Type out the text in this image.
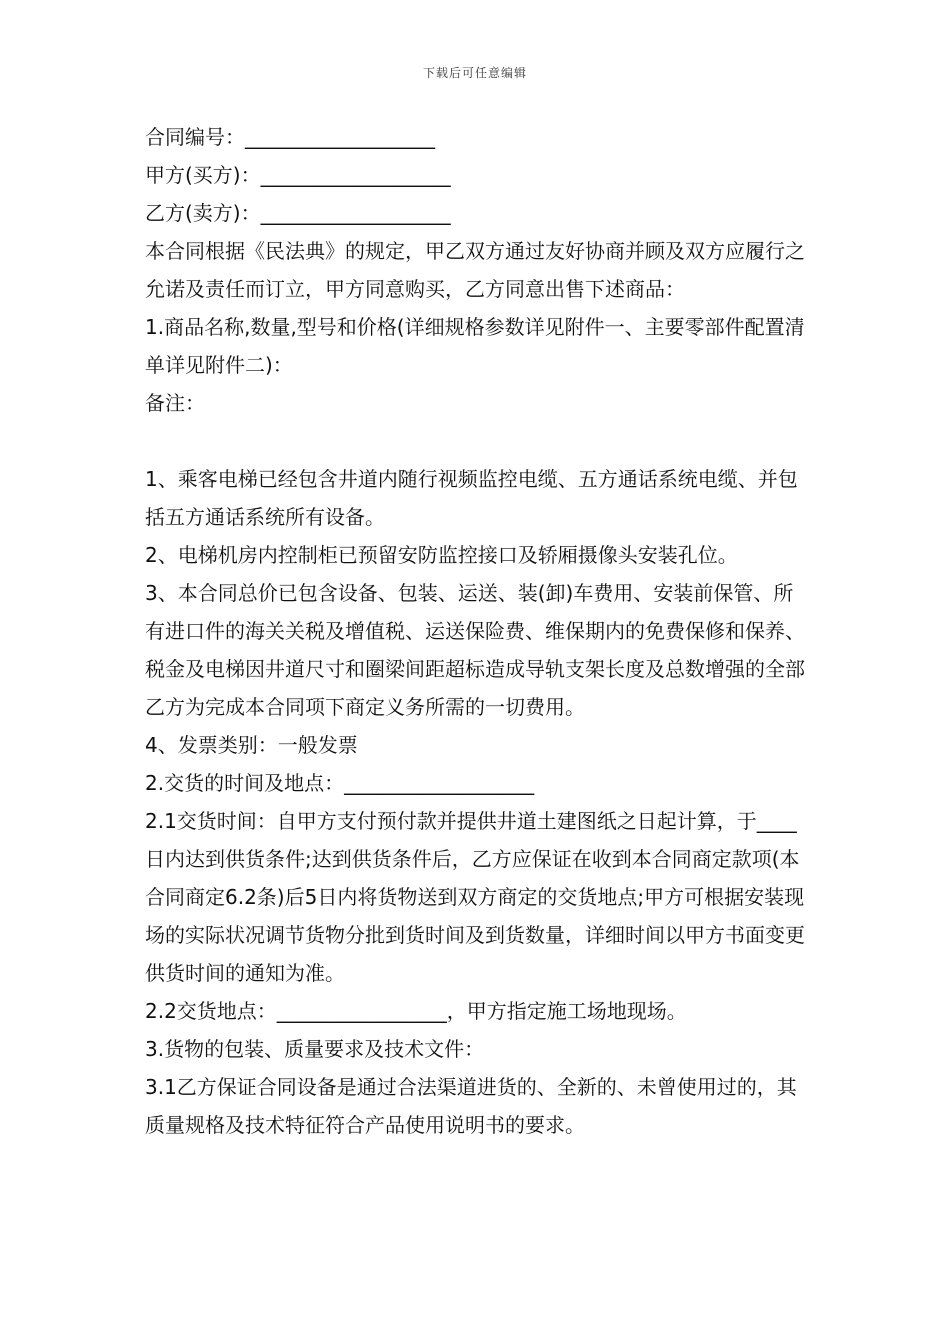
下载后可任意编辑

合同编号：___________________

甲方(买方)：___________________

乙方(卖方)：___________________

本合同根据《民法典》的规定，甲乙双方通过友好协商并顾及双方应履行之允诺及责任而订立，甲方同意购买，乙方同意出售下述商品：

1.商品名称,数量,型号和价格(详细规格参数详见附件一、主要零部件配置清单详见附件二)：

备注：

1、乘客电梯已经包含井道内随行视频监控电缆、五方通话系统电缆、并包括五方通话系统所有设备。

2、电梯机房内控制柜已预留安防监控接口及轿厢摄像头安装孔位。

3、本合同总价已包含设备、包装、运送、装(卸)车费用、安装前保管、所有进口件的海关关税及增值税、运送保险费、维保期内的免费保修和保养、税金及电梯因井道尺寸和圈梁间距超标造成导轨支架长度及总数增强的全部乙方为完成本合同项下商定义务所需的一切费用。

4、发票类别：一般发票

2.交货的时间及地点：___________________

2.1交货时间：自甲方支付预付款并提供井道土建图纸之日起计算，于____日内达到供货条件;达到供货条件后，乙方应保证在收到本合同商定款项(本合同商定6.2条)后5日内将货物送到双方商定的交货地点;甲方可根据安装现场的实际状况调节货物分批到货时间及到货数量，详细时间以甲方书面变更供货时间的通知为准。

2.2交货地点：_________________，甲方指定施工场地现场。

3.货物的包装、质量要求及技术文件：

3.1乙方保证合同设备是通过合法渠道进货的、全新的、未曾使用过的，其质量规格及技术特征符合产品使用说明书的要求。
